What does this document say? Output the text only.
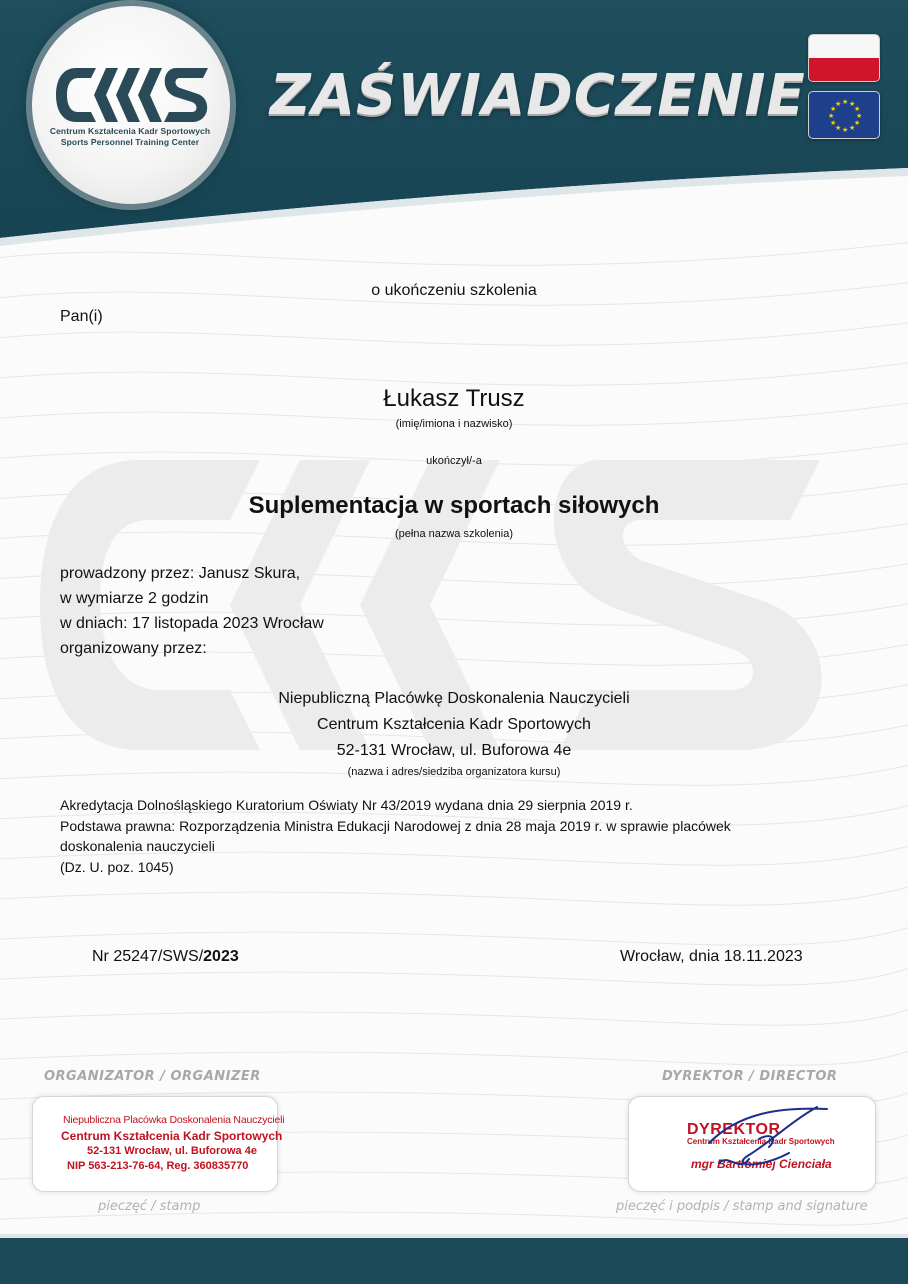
Centrum Kształcenia Kadr Sportowych
Sports Personnel Training Center
ZAŚWIADCZENIE	★ ★
★
★
★
★
★
★
★
★
★
★
o ukończeniu szkolenia
Pan(i)
Łukasz Trusz
(imię/imiona i nazwisko)
ukończył/-a
Suplementacja w sportach siłowych
(pełna nazwa szkolenia)
prowadzony przez: Janusz Skura,
w wymiarze 2 godzin
w dniach: 17 listopada 2023 Wrocław
organizowany przez:
Niepubliczną Placówkę Doskonalenia Nauczycieli
Centrum Kształcenia Kadr Sportowych
52-131 Wrocław, ul. Buforowa 4e
(nazwa i adres/siedziba organizatora kursu)
Akredytacja Dolnośląskiego Kuratorium Oświaty Nr 43/2019 wydana dnia 29 sierpnia 2019 r.
Podstawa prawna: Rozporządzenia Ministra Edukacji Narodowej z dnia 28 maja 2019 r. w sprawie placówek
doskonalenia nauczycieli
(Dz. U. poz. 1045)
Nr 25247/SWS/2023	Wrocław, dnia 18.11.2023
ORGANIZATOR / ORGANIZER	DYREKTOR / DIRECTOR
Niepubliczna Placówka Doskonalenia Nauczycieli
Centrum Kształcenia Kadr Sportowych
52-131 Wrocław, ul. Buforowa 4e
NIP 563-213-76-64, Reg. 360835770
DYREKTOR
Centrum Kształcenia Kadr Sportowych
mgr Bartłomiej Cienciała
pieczęć / stamp	pieczęć i podpis / stamp and signature
